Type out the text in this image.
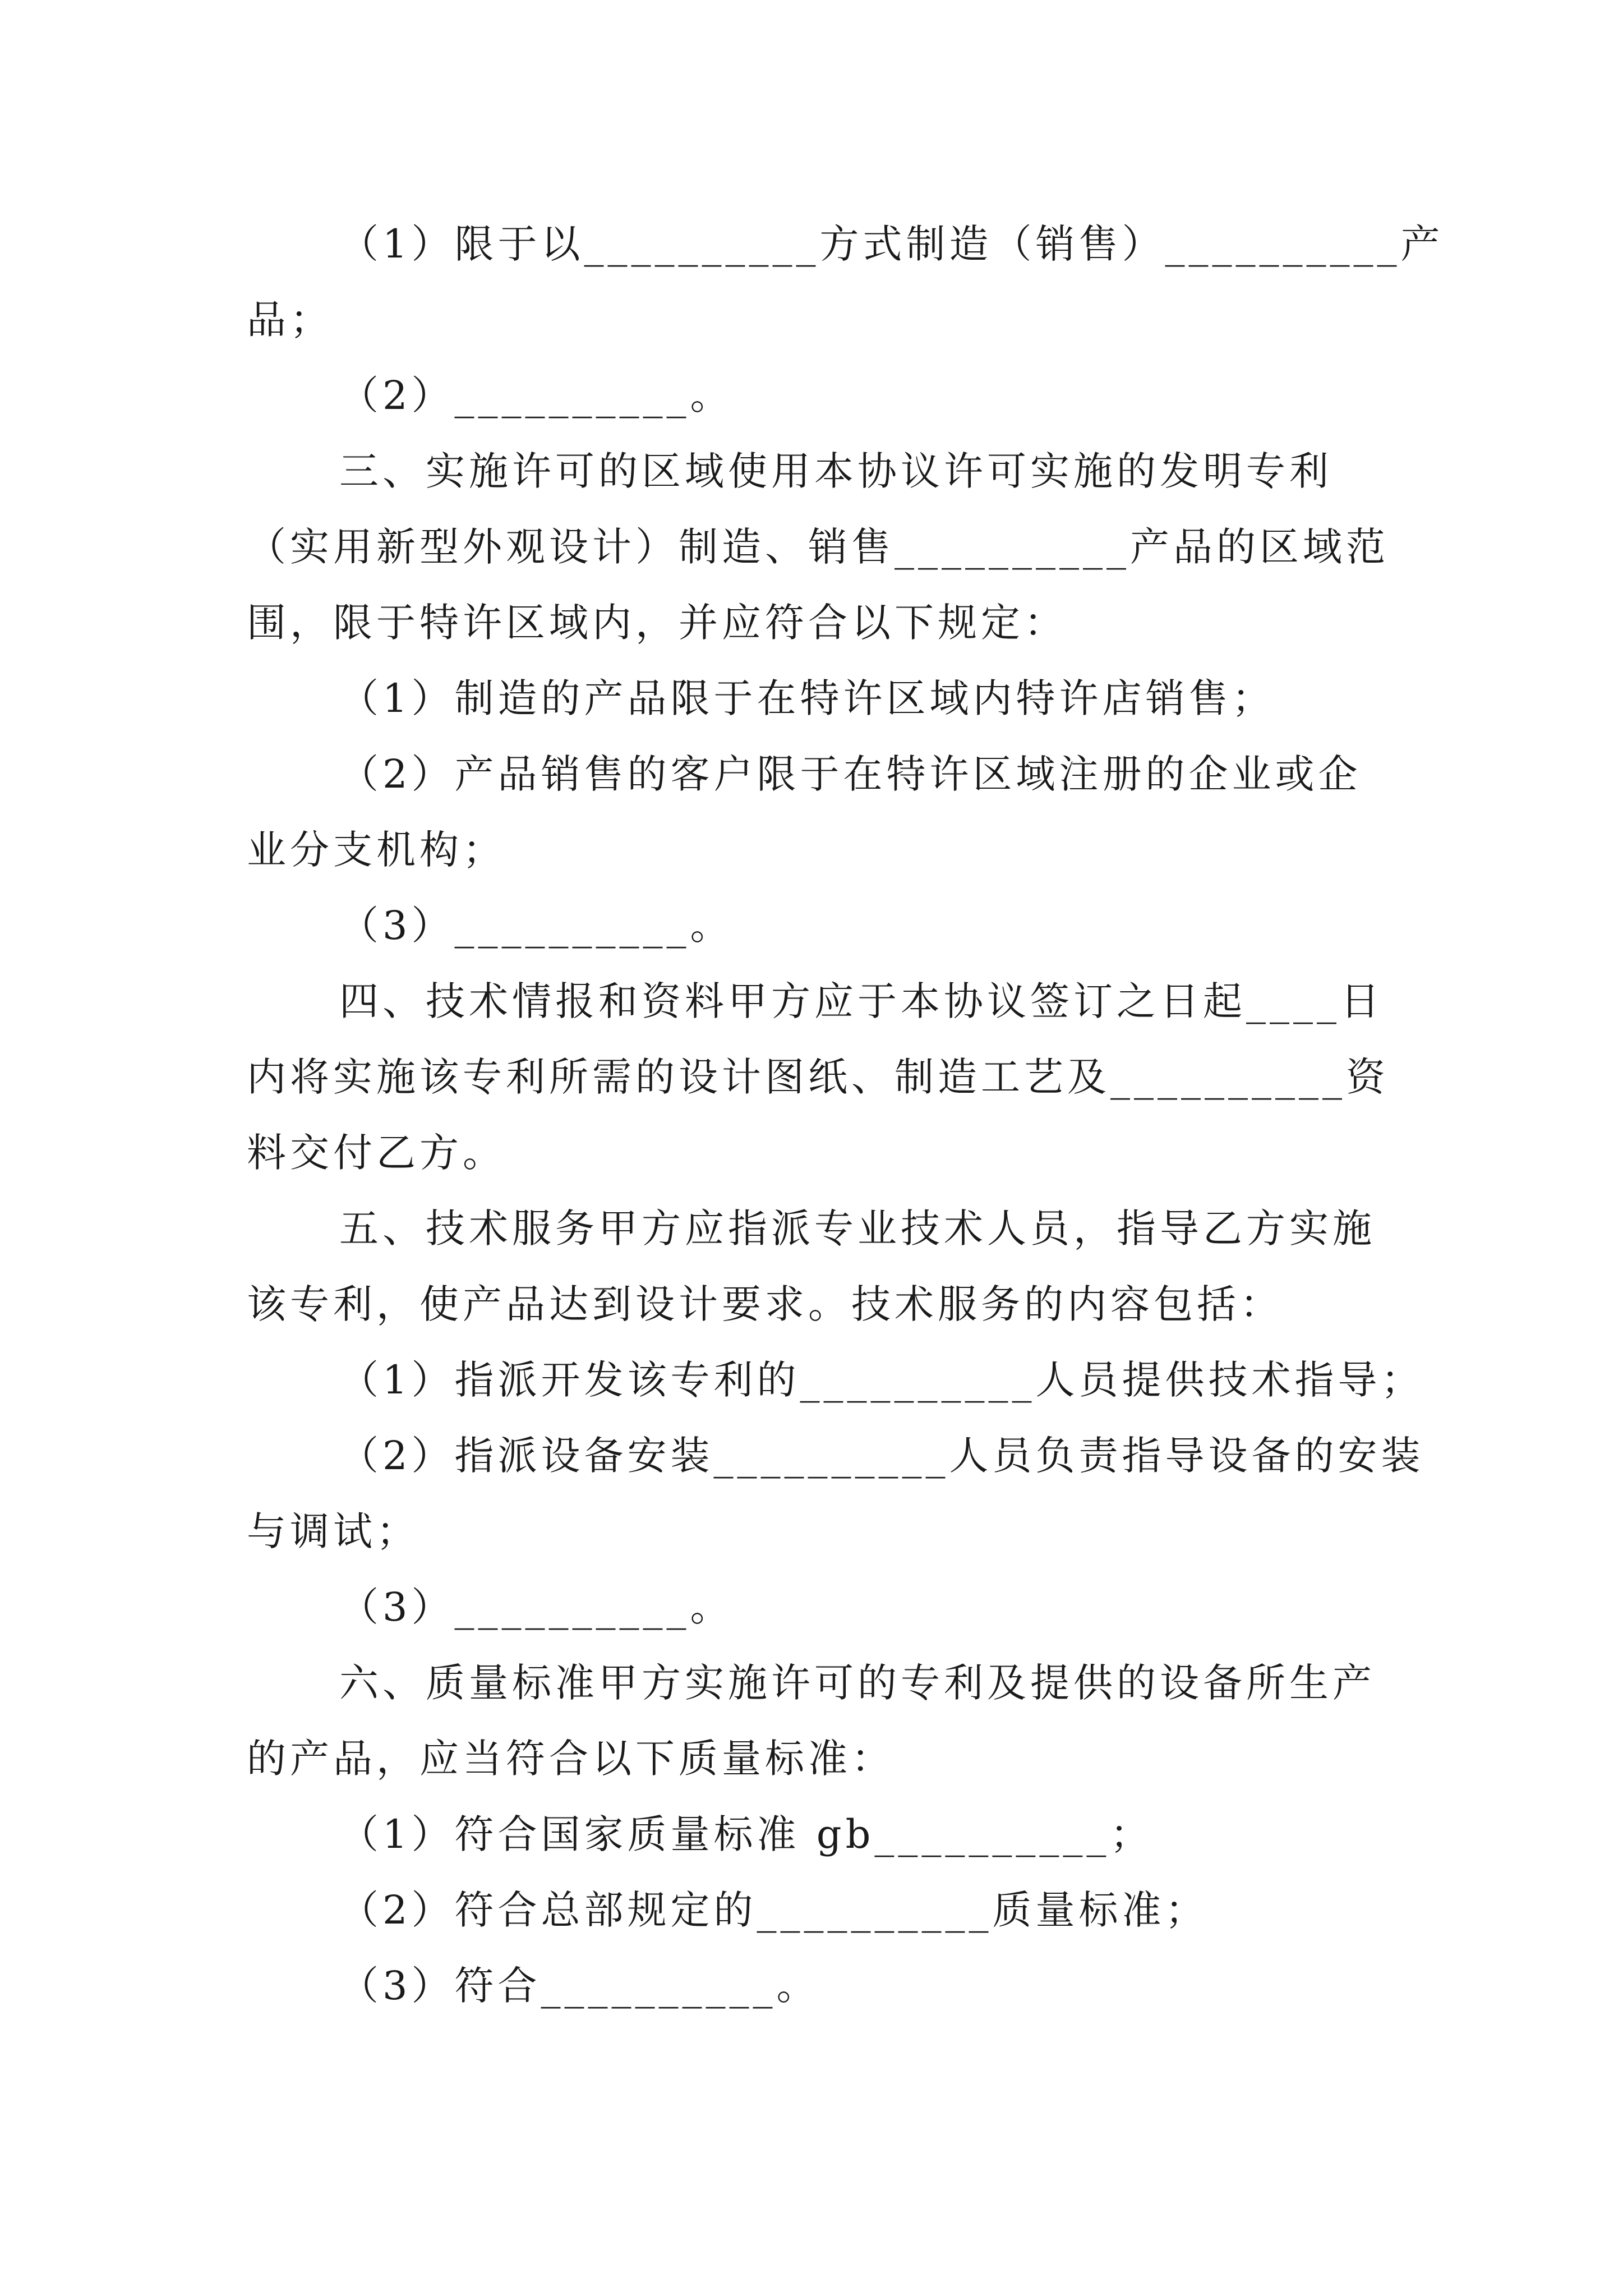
（1）限于以__________方式制造（销售）__________产
品；
（2）__________。
三、实施许可的区域使用本协议许可实施的发明专利
（实用新型外观设计）制造、销售__________产品的区域范
围，限于特许区域内，并应符合以下规定：
（1）制造的产品限于在特许区域内特许店销售；
（2）产品销售的客户限于在特许区域注册的企业或企
业分支机构；
（3）__________。
四、技术情报和资料甲方应于本协议签订之日起____日
内将实施该专利所需的设计图纸、制造工艺及__________资
料交付乙方。
五、技术服务甲方应指派专业技术人员，指导乙方实施
该专利，使产品达到设计要求。技术服务的内容包括：
（1）指派开发该专利的__________人员提供技术指导；
（2）指派设备安装__________人员负责指导设备的安装
与调试；
（3）__________。
六、质量标准甲方实施许可的专利及提供的设备所生产
的产品，应当符合以下质量标准：
（1）符合国家质量标准 gb__________；
（2）符合总部规定的__________质量标准；
（3）符合__________。
